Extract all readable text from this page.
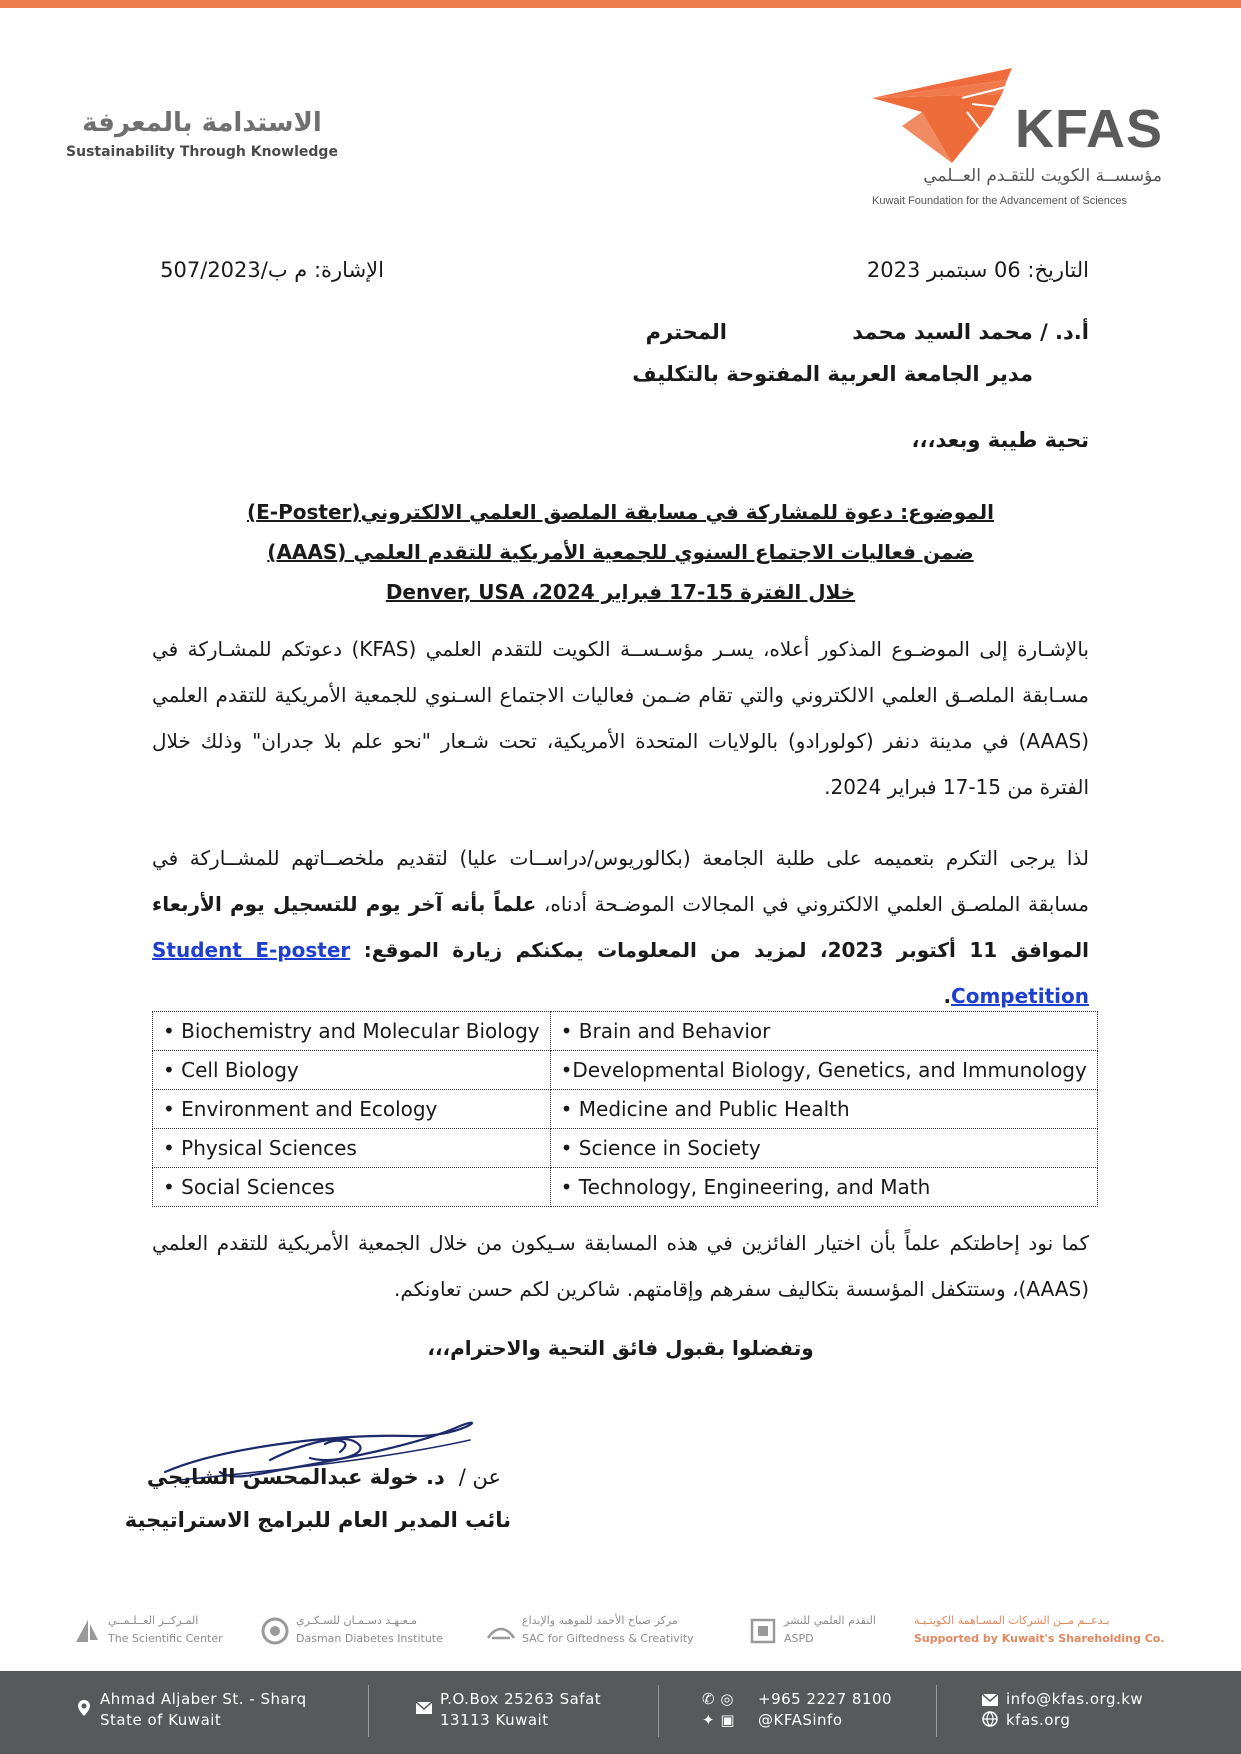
الاستدامة بالمعرفة
Sustainability Through Knowledge	KFAS
مؤسســة الكويت للتقـدم العــلمي
Kuwait Foundation for the Advancement of Sciences
التاريخ: 06 سبتمبر 2023
الإشارة: م ب/507/2023
أ.د. / محمد السيد محمد المحترم
مدير الجامعة العربية المفتوحة بالتكليف
تحية طيبة وبعد،،،
الموضوع: دعوة للمشاركة في مسابقة الملصق العلمي الالكتروني(E-Poster)
ضمن فعاليات الاجتماع السنوي للجمعية الأمريكية للتقدم العلمي (AAAS)
خلال الفترة 15-17 فبراير 2024، Denver, USA
بالإشـارة إلى الموضـوع المذكور أعلاه، يسـر مؤسـســة الكويت للتقدم العلمي (KFAS) دعوتكم للمشـاركة في مسـابقة الملصـق العلمي الالكتروني والتي تقام ضـمن فعاليات الاجتماع السـنوي للجمعية الأمريكية للتقدم العلمي (AAAS) في مدينة دنفر (كولورادو) بالولايات المتحدة الأمريكية، تحت شـعار "نحو علم بلا جدران" وذلك خلال الفترة من 15-17 فبراير 2024.
لذا يرجى التكرم بتعميمه على طلبة الجامعة (بكالوريوس/دراســات عليا) لتقديم ملخصــاتهم للمشــاركة في مسابقة الملصـق العلمي الالكتروني في المجالات الموضـحة أدناه، علماً بأنه آخر يوم للتسجيل يوم الأربعاء الموافق 11 أكتوبر 2023، لمزيد من المعلومات يمكنكم زيارة الموقع: Student E-poster Competition.
• Biochemistry and Molecular Biology	• Brain and Behavior
• Cell Biology	•Developmental Biology, Genetics, and Immunology
• Environment and Ecology	• Medicine and Public Health
• Physical Sciences	• Science in Society
• Social Sciences	• Technology, Engineering, and Math
كما نود إحاطتكم علماً بأن اختيار الفائزين في هذه المسابقة سـيكون من خلال الجمعية الأمريكية للتقدم العلمي (AAAS)، وستتكفل المؤسسة بتكاليف سفرهم وإقامتهم. شاكرين لكم حسن تعاونكم.
وتفضلوا بقبول فائق التحية والاحترام،،،
عن /د. خولة عبدالمحسن الشايجي
نائب المدير العام للبرامج الاستراتيجية
المـركــز العــلـمــي
The Scientific Center
مـعـهـد دسـمـان للسـكـري
Dasman Diabetes Institute
مركز صباح الأحمد للموهبة والإبداع
SAC for Giftedness & Creativity
التقدم العلمي للنشر
ASPD
بـدعــم مــن الشركات المسـاهمة الكويتـيـة
Supported by Kuwait's Shareholding Co.
Ahmad Aljaber St. - Sharq
State of Kuwait
P.O.Box 25263 Safat
13113 Kuwait
✆ ◎
✦ ▣
+965 2227 8100
@KFASinfo
info@kfas.org.kw
kfas.org
